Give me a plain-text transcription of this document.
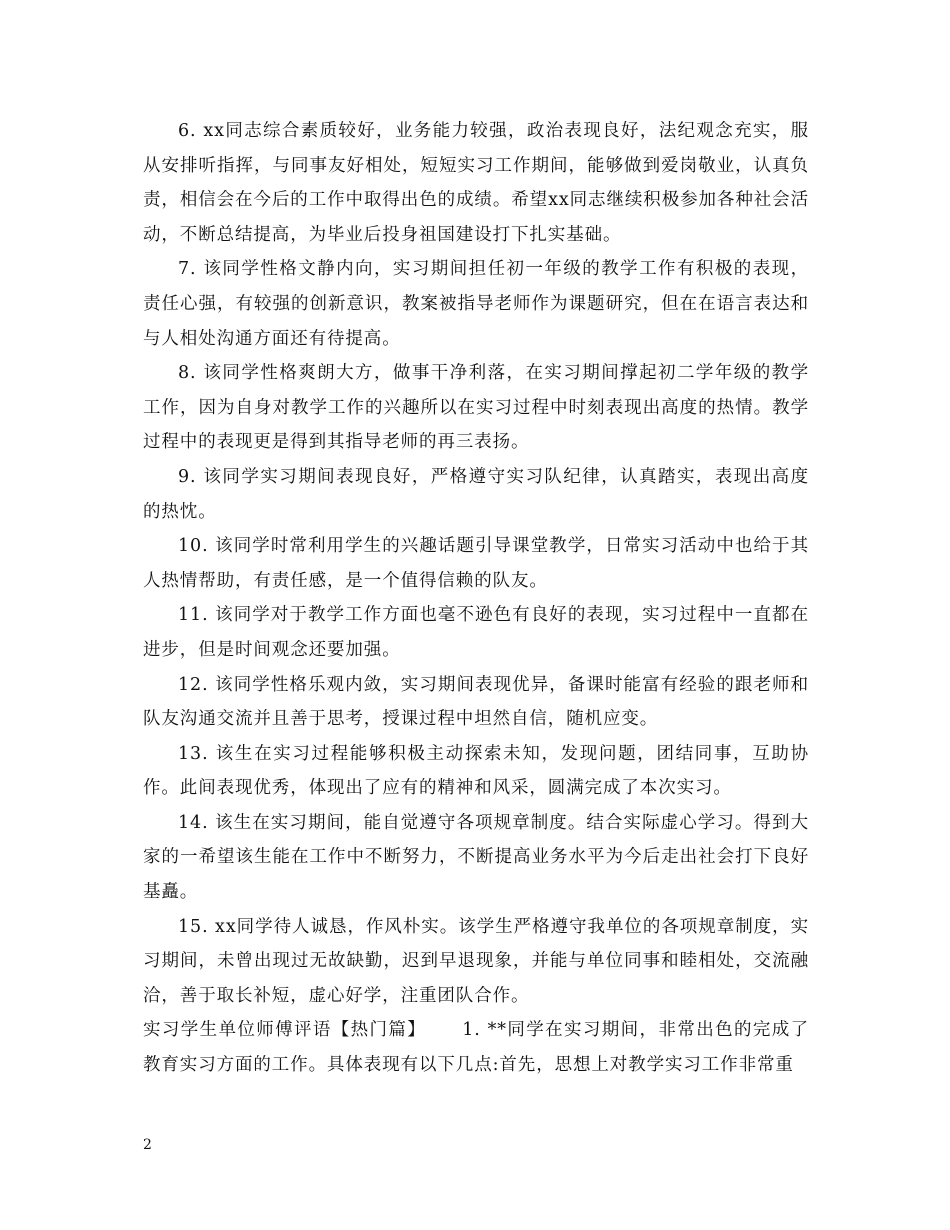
6. xx同志综合素质较好，业务能力较强，政治表现良好，法纪观念充实，服从安排听指挥，与同事友好相处，短短实习工作期间，能够做到爱岗敬业，认真负责，相信会在今后的工作中取得出色的成绩。希望xx同志继续积极参加各种社会活动，不断总结提高，为毕业后投身祖国建设打下扎实基础。

7. 该同学性格文静内向，实习期间担任初一年级的教学工作有积极的表现，责任心强，有较强的创新意识，教案被指导老师作为课题研究，但在在语言表达和与人相处沟通方面还有待提高。

8. 该同学性格爽朗大方，做事干净利落，在实习期间撑起初二学年级的教学工作，因为自身对教学工作的兴趣所以在实习过程中时刻表现出高度的热情。教学过程中的表现更是得到其指导老师的再三表扬。

9. 该同学实习期间表现良好，严格遵守实习队纪律，认真踏实，表现出高度的热忱。

10. 该同学时常利用学生的兴趣话题引导课堂教学，日常实习活动中也给于其人热情帮助，有责任感，是一个值得信赖的队友。

11. 该同学对于教学工作方面也毫不逊色有良好的表现，实习过程中一直都在进步，但是时间观念还要加强。

12. 该同学性格乐观内敛，实习期间表现优异，备课时能富有经验的跟老师和队友沟通交流并且善于思考，授课过程中坦然自信，随机应变。

13. 该生在实习过程能够积极主动探索未知，发现问题，团结同事，互助协作。此间表现优秀，体现出了应有的精神和风采，圆满完成了本次实习。

14. 该生在实习期间，能自觉遵守各项规章制度。结合实际虚心学习。得到大家的一希望该生能在工作中不断努力，不断提高业务水平为今后走出社会打下良好基矗。

15. xx同学待人诚恳，作风朴实。该学生严格遵守我单位的各项规章制度，实习期间，未曾出现过无故缺勤，迟到早退现象，并能与单位同事和睦相处，交流融洽，善于取长补短，虚心好学，注重团队合作。

实习学生单位师傅评语【热门篇】 1. **同学在实习期间，非常出色的完成了教育实习方面的工作。具体表现有以下几点:首先，思想上对教学实习工作非常重

2
